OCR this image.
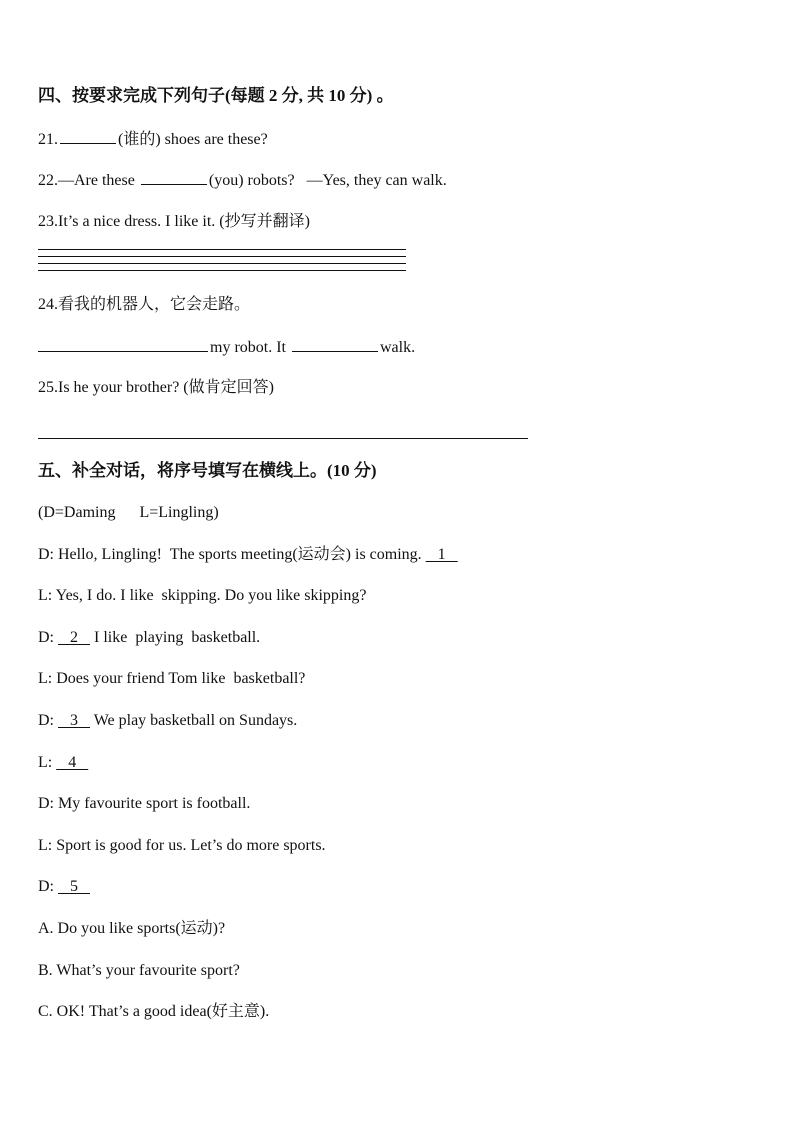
四、按要求完成下列句子(每题 2 分, 共 10 分) 。
21.	(谁的) shoes are these?
22.—Are these	(you) robots?   —Yes, they can walk.
23.It’s a nice dress. I like it. (抄写并翻译)
24.看我的机器人，它会走路。
my robot. It	walk.
25.Is he your brother? (做肯定回答)
五、补全对话，将序号填写在横线上。(10 分)
(D=Daming      L=Lingling)
D: Hello, Lingling!  The sports meeting(运动会) is coming.    1
L: Yes, I do. I like  skipping. Do you like skipping?
D:    2    I like  playing  basketball.
L: Does your friend Tom like  basketball?
D:    3    We play basketball on Sundays.
L:    4
D: My favourite sport is football.
L: Sport is good for us. Let’s do more sports.
D:    5
A. Do you like sports(运动)?
B. What’s your favourite sport?
C. OK! That’s a good idea(好主意).
